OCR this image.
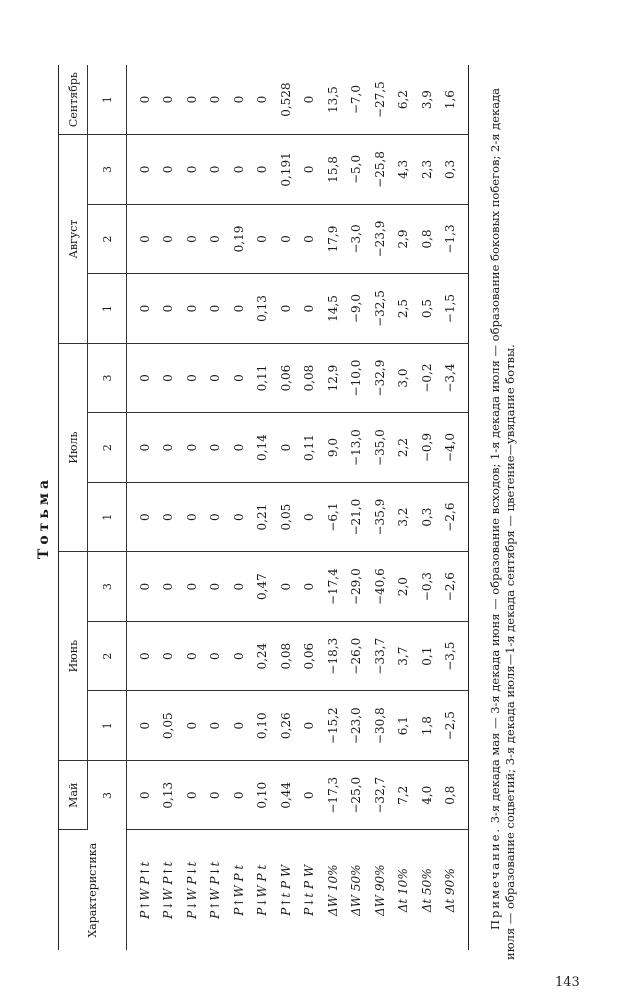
Тотьма
Характеристика	Май	Июнь			Июль			Август			Сентябрь
	3	1	2	3	1	2	3	1	2	3	1
P↑W P↑t	0	0	0	0	0	0	0	0	0	0	0
P↓W P↑t	0,13	0,05	0	0	0	0	0	0	0	0	0
P↓W P↓t	0	0	0	0	0	0	0	0	0	0	0
P↑W P↓t	0	0	0	0	0	0	0	0	0	0	0
P↑W P t	0	0	0	0	0	0	0	0	0,19	0	0
P↓W P t	0,10	0,10	0,24	0,47	0,21	0,14	0,11	0,13	0	0	0
P↑t P W	0,44	0,26	0,08	0	0,05	0	0,06	0	0	0,191	0,528
P↓t P W	0	0	0,06	0	0	0,11	0,08	0	0	0	0
ΔW 10%	−17,3	−15,2	−18,3	−17,4	−6,1	9,0	12,9	14,5	17,9	15,8	13,5
ΔW 50%	−25,0	−23,0	−26,0	−29,0	−21,0	−13,0	−10,0	−9,0	−3,0	−5,0	−7,0
ΔW 90%	−32,7	−30,8	−33,7	−40,6	−35,9	−35,0	−32,9	−32,5	−23,9	−25,8	−27,5
Δt 10%	7,2	6,1	3,7	2,0	3,2	2,2	3,0	2,5	2,9	4,3	6,2
Δt 50%	4,0	1,8	0,1	−0,3	0,3	−0,9	−0,2	0,5	0,8	2,3	3,9
Δt 90%	0,8	−2,5	−3,5	−2,6	−2,6	−4,0	−3,4	−1,5	−1,3	0,3	1,6
Примечание. 3-я декада мая — 3-я декада июня — образование всходов; 1-я декада июля — образование боковых побегов; 2-я декада июля — образование соцветий; 3-я декада июля—1-я декада сентября — цветение—увядание ботвы.
143
